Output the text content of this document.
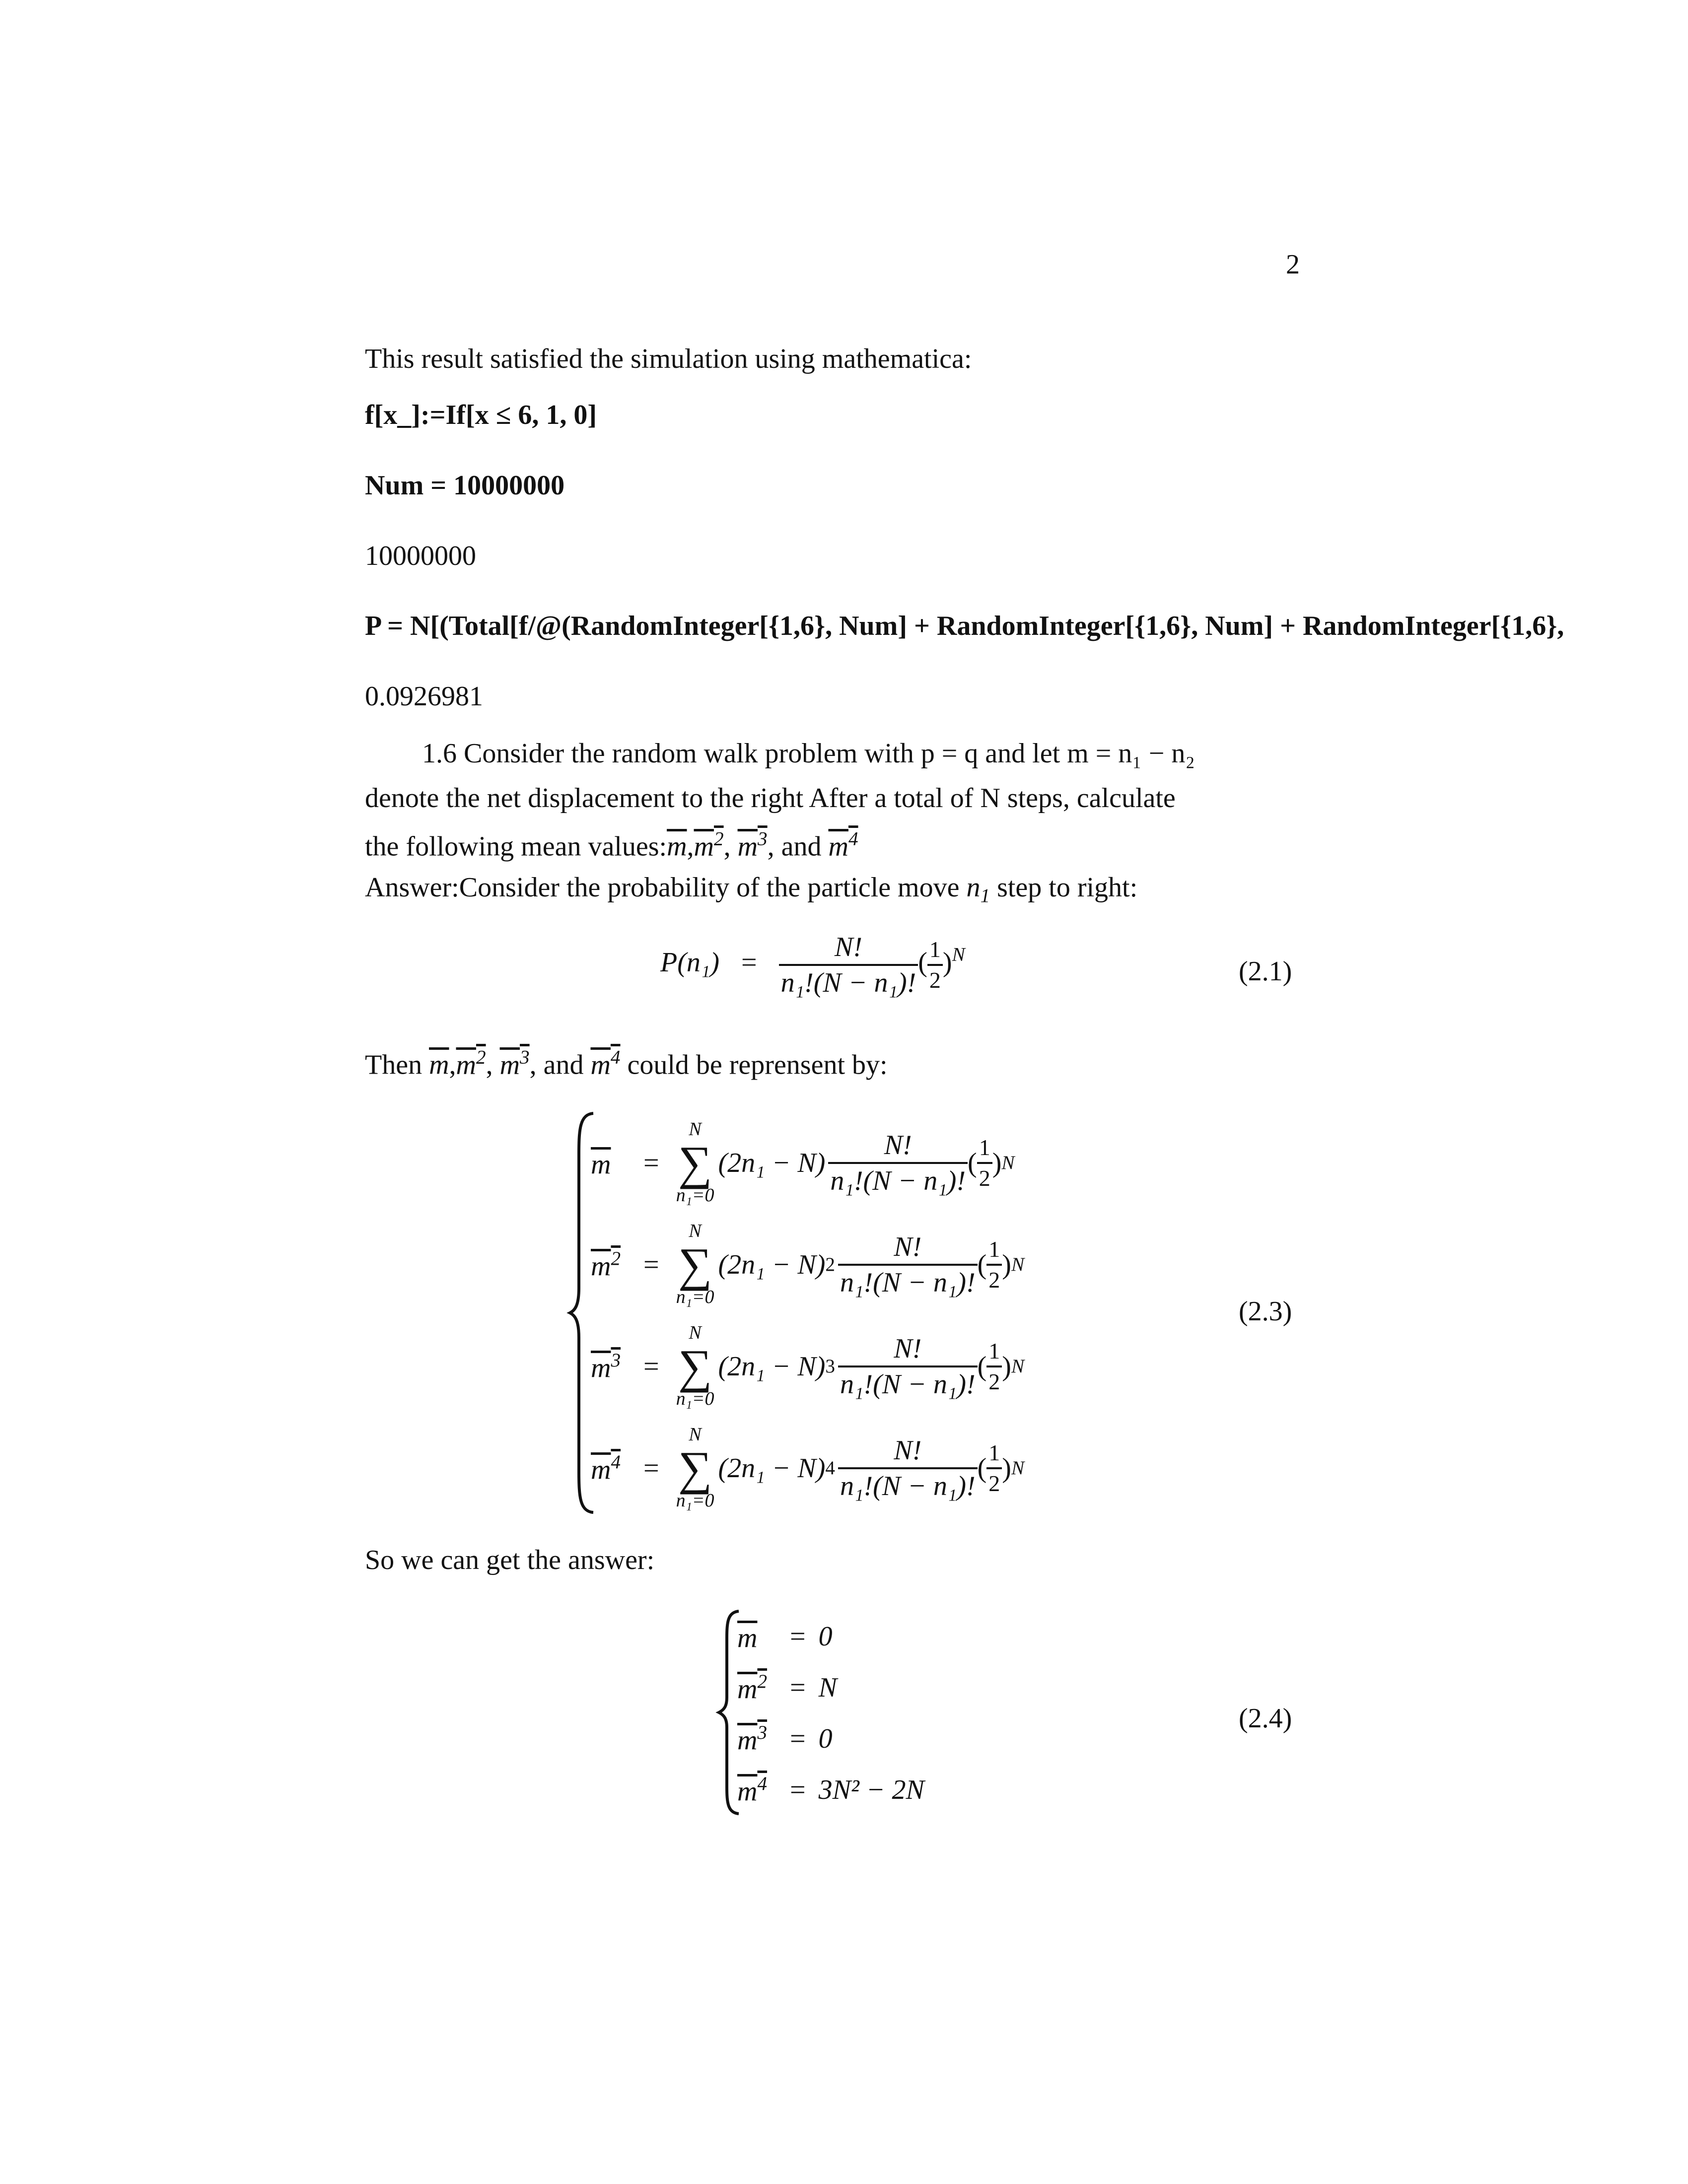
2
This result satisfied the simulation using mathematica:
f[x_]:=If[x ≤ 6, 1, 0]
Num = 10000000
10000000
P = N[(Total[f/@(RandomInteger[{1,6}, Num] + RandomInteger[{1,6}, Num] + RandomInteger[{1,6},
0.0926981
1.6 Consider the random walk problem with p = q and let m = n₁ − n₂
denote the net displacement to the right After a total of N steps, calculate
the following mean $values:\overline{m},m^2$, $m^3$, and $m^4$
Answer:Consider the probability of the particle move $n_1$ step to right:
$P(n_1) = \frac{N!}{\text{n₁!(N − n₁)!}}$ ( $\frac{1}{2} )^N$
(2.1)
Then $\overline{m},m^2$, $m^3$, and $m^4$ could be reprensent by:
m	=
N
∑
n₁=0
$(2n_1 - N) \frac{N!}{\text{n₁!(N − n₁)!}}$ ( $\frac{1}{2}$ ) N
$m^2$ =
N
∑
n₁=0
(2n₁ − N) $2 \frac{N!}{\text{n₁!(N − n₁)!}}$ ( $\frac{1}{2}$ ) N
$m^3$ =
N
∑
n₁=0
(2n₁ − N) $3 \frac{N!}{\text{n₁!(N − n₁)!}}$ ( $\frac{1}{2}$ ) N
$m^4$ =
N
∑
n₁=0
(2n₁ − N) $4 \frac{N!}{\text{n₁!(N − n₁)!}}$ ( $\frac{1}{2}$ ) N
(2.3)
So we can get the answer:
m	= 0
$m^2 = N$
$m^3 = 0$
$m^4 = 3N^2 - 2N$
(2.4)
